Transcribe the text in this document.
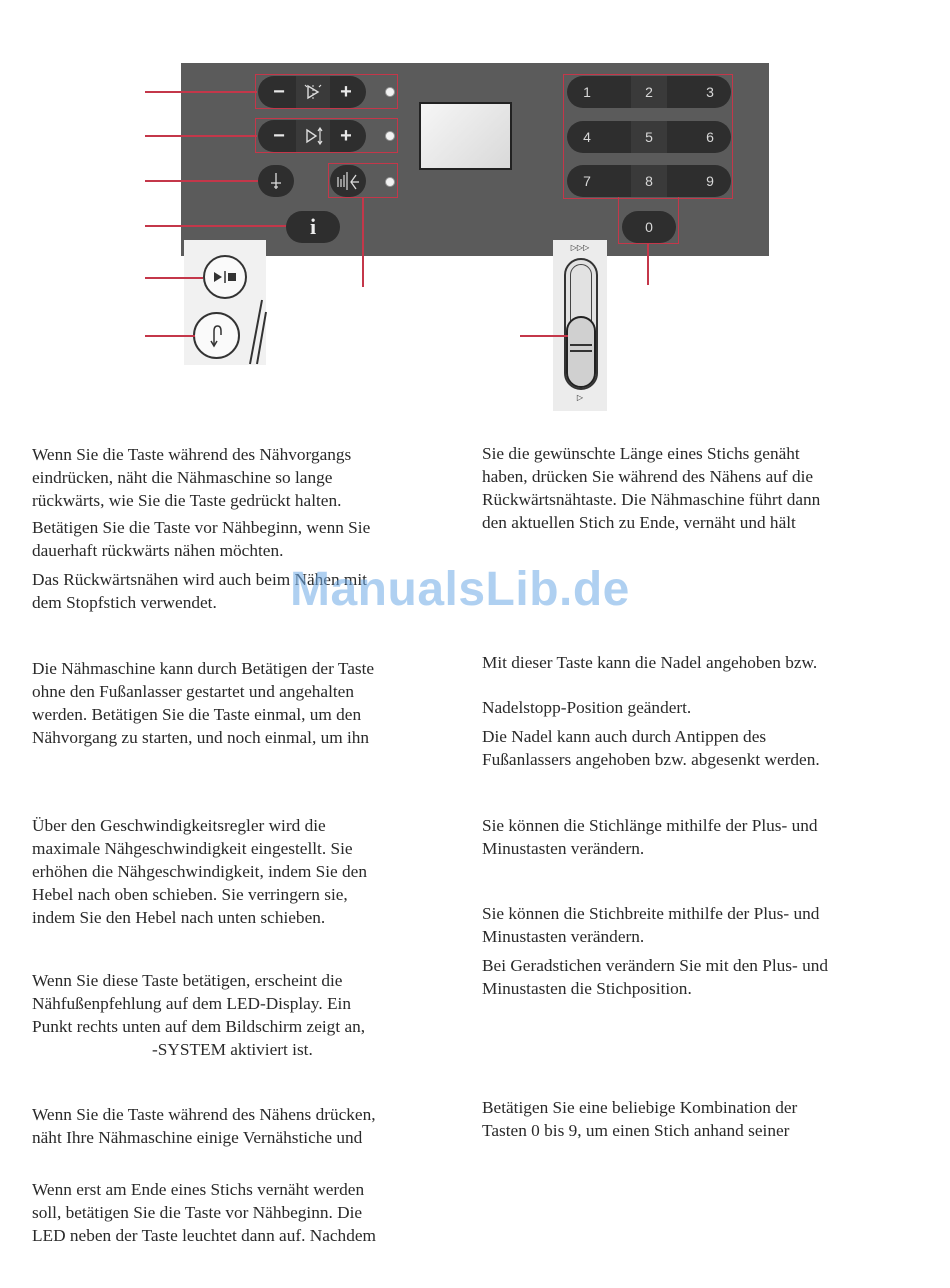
−	+
−	+
i
1	2	3
4	5	6
7	8	9
0
▷▷▷
▷
Wenn Sie die Taste während des Nähvorgangs
eindrücken, näht die Nähmaschine so lange
rückwärts, wie Sie die Taste gedrückt halten.
Betätigen Sie die Taste vor Nähbeginn, wenn Sie
dauerhaft rückwärts nähen möchten.
Das Rückwärtsnähen wird auch beim Nähen mit
dem Stopfstich verwendet.
Die Nähmaschine kann durch Betätigen der Taste
ohne den Fußanlasser gestartet und angehalten
werden. Betätigen Sie die Taste einmal, um den
Nähvorgang zu starten, und noch einmal, um ihn
Über den Geschwindigkeitsregler wird die
maximale Nähgeschwindigkeit eingestellt. Sie
erhöhen die Nähgeschwindigkeit, indem Sie den
Hebel nach oben schieben. Sie verringern sie,
indem Sie den Hebel nach unten schieben.
Wenn Sie diese Taste betätigen, erscheint die
Nähfußenpfehlung auf dem LED-Display. Ein
Punkt rechts unten auf dem Bildschirm zeigt an,
-SYSTEM aktiviert ist.
Wenn Sie die Taste während des Nähens drücken,
näht Ihre Nähmaschine einige Vernähstiche und
Wenn erst am Ende eines Stichs vernäht werden
soll, betätigen Sie die Taste vor Nähbeginn. Die
LED neben der Taste leuchtet dann auf. Nachdem
Sie die gewünschte Länge eines Stichs genäht
haben, drücken Sie während des Nähens auf die
Rückwärtsnähtaste. Die Nähmaschine führt dann
den aktuellen Stich zu Ende, vernäht und hält
Mit dieser Taste kann die Nadel angehoben bzw.
Nadelstopp-Position geändert.
Die Nadel kann auch durch Antippen des
Fußanlassers angehoben bzw. abgesenkt werden.
Sie können die Stichlänge mithilfe der Plus- und
Minustasten verändern.
Sie können die Stichbreite mithilfe der Plus- und
Minustasten verändern.
Bei Geradstichen verändern Sie mit den Plus- und
Minustasten die Stichposition.
Betätigen Sie eine beliebige Kombination der
Tasten 0 bis 9, um einen Stich anhand seiner
ManualsLib.de
